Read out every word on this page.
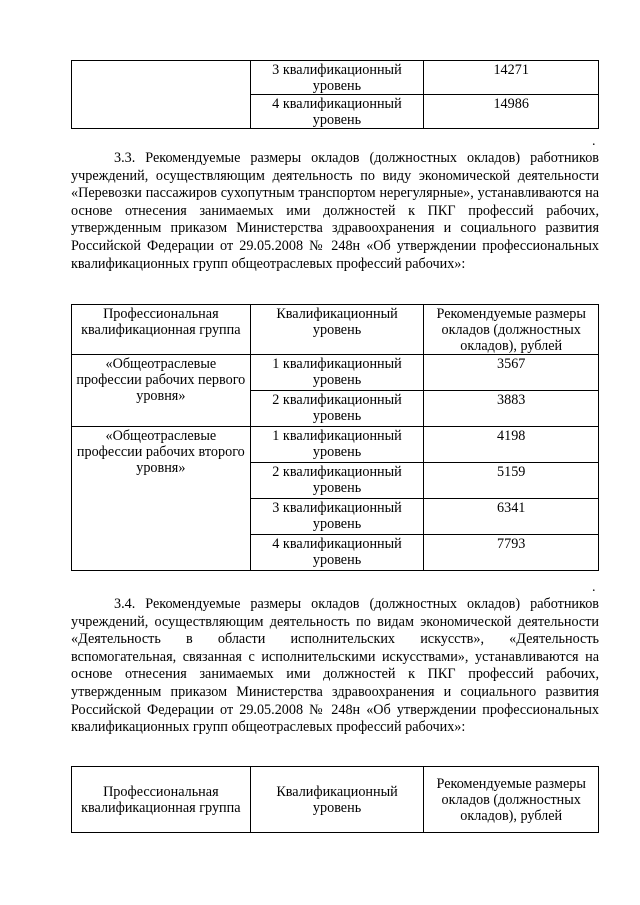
	3 квалификационный уровень	14271
	4 квалификационный уровень	14986
.

3.3. Рекомендуемые размеры окладов (должностных окладов) работников учреждений, осуществляющим деятельность по виду экономической деятельности «Перевозки пассажиров сухопутным транспортом нерегулярные», устанавливаются на основе отнесения занимаемых ими должностей к ПКГ профессий рабочих, утвержденным приказом Министерства здравоохранения и социального развития Российской Федерации от 29.05.2008 № 248н «Об утверждении профессиональных квалификационных групп общеотраслевых профессий рабочих»:

Профессиональная квалификационная группа	Квалификационный уровень	Рекомендуемые размеры окладов (должностных окладов), рублей
«Общеотраслевые профессии рабочих первого уровня»	1 квалификационный уровень	3567
	2 квалификационный уровень	3883
«Общеотраслевые профессии рабочих второго уровня»	1 квалификационный уровень	4198
	2 квалификационный уровень	5159
	3 квалификационный уровень	6341
	4 квалификационный уровень	7793
.

3.4. Рекомендуемые размеры окладов (должностных окладов) работников учреждений, осуществляющим деятельность по видам экономической деятельности «Деятельность в области исполнительских искусств», «Деятельность вспомогательная, связанная с исполнительскими искусствами», устанавливаются на основе отнесения занимаемых ими должностей к ПКГ профессий рабочих, утвержденным приказом Министерства здравоохранения и социального развития Российской Федерации от 29.05.2008 № 248н «Об утверждении профессиональных квалификационных групп общеотраслевых профессий рабочих»:

Профессиональная квалификационная группа	Квалификационный уровень	Рекомендуемые размеры окладов (должностных окладов), рублей
